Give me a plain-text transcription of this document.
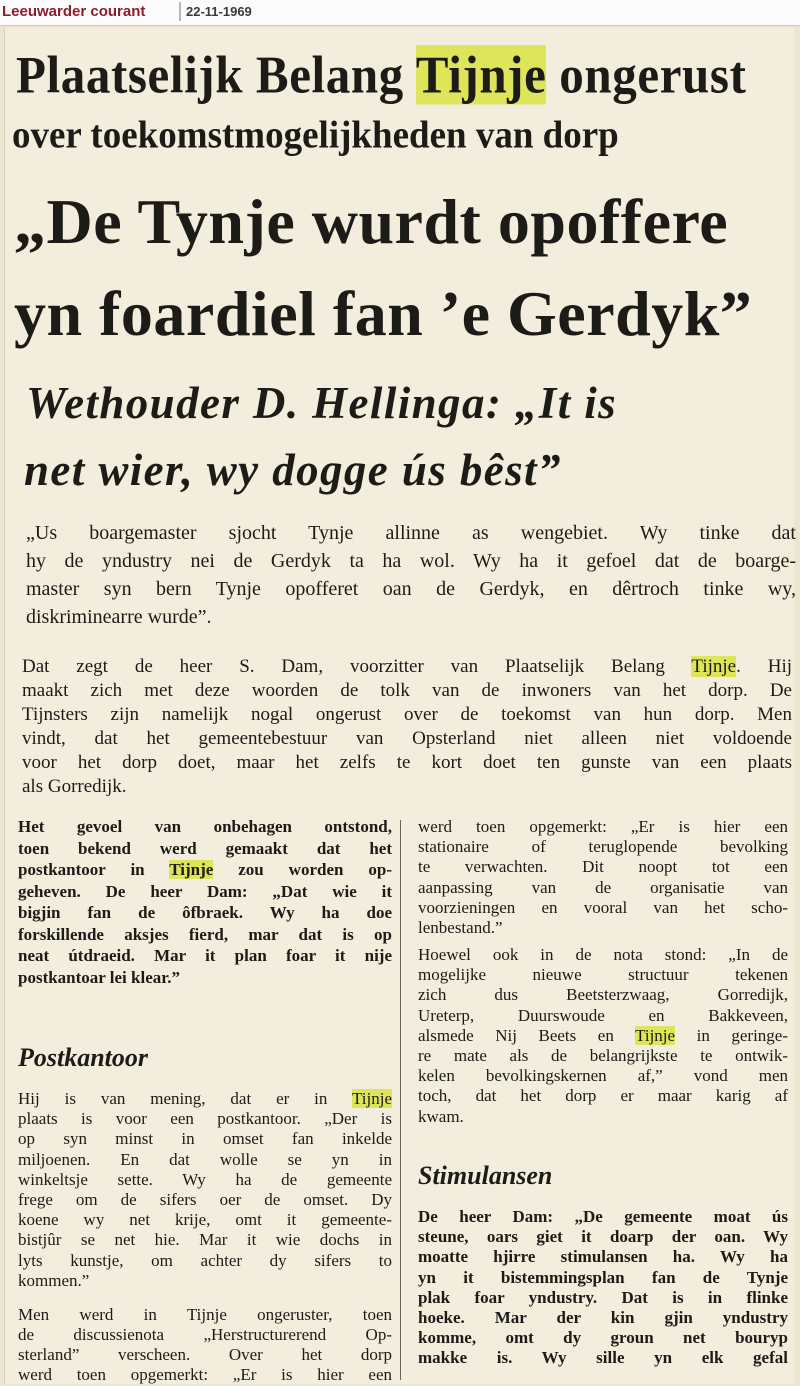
Leeuwarder courant	22-11-1969
Plaatselijk Belang Tijnje ongerust
over toekomstmogelijkheden van dorp
„De Tynje wurdt opoffere
yn foardiel fan ’e Gerdyk”
Wethouder D. Hellinga: „It is
net wier, wy dogge ús bêst”
„Us boargemaster sjocht Tynje allinne as wengebiet. Wy tinke dat
hy de yndustry nei de Gerdyk ta ha wol. Wy ha it gefoel dat de boarge-
master syn bern Tynje opofferet oan de Gerdyk, en dêrtroch tinke wy,
diskriminearre wurde”.
Dat zegt de heer S. Dam, voorzitter van Plaatselijk Belang Tijnje. Hij
maakt zich met deze woorden de tolk van de inwoners van het dorp. De
Tijnsters zijn namelijk nogal ongerust over de toekomst van hun dorp. Men
vindt, dat het gemeentebestuur van Opsterland niet alleen niet voldoende
voor het dorp doet, maar het zelfs te kort doet ten gunste van een plaats
als Gorredijk.
Het gevoel van onbehagen ontstond,
toen bekend werd gemaakt dat het
postkantoor in Tijnje zou worden op-
geheven. De heer Dam: „Dat wie it
bigjin fan de ôfbraek. Wy ha doe
forskillende aksjes fierd, mar dat is op
neat útdraeid. Mar it plan foar it nije
postkantoar lei klear.”
Hij is van mening, dat er in Tijnje
plaats is voor een postkantoor. „Der is
op syn minst in omset fan inkelde
miljoenen. En dat wolle se yn in
winkeltsje sette. Wy ha de gemeente
frege om de sifers oer de omset. Dy
koene wy net krije, omt it gemeente-
bistjûr se net hie. Mar it wie dochs in
lyts kunstje, om achter dy sifers to
kommen.”
Men werd in Tijnje ongeruster, toen
de discussienota „Herstructurerend Op-
sterland” verscheen. Over het dorp
werd toen opgemerkt: „Er is hier een
Postkantoor
werd toen opgemerkt: „Er is hier een
stationaire of teruglopende bevolking
te verwachten. Dit noopt tot een
aanpassing van de organisatie van
voorzieningen en vooral van het scho-
lenbestand.”
Hoewel ook in de nota stond: „In de
mogelijke nieuwe structuur tekenen
zich dus Beetsterzwaag, Gorredijk,
Ureterp, Duurswoude en Bakkeveen,
alsmede Nij Beets en Tijnje in geringe-
re mate als de belangrijkste te ontwik-
kelen bevolkingskernen af,” vond men
toch, dat het dorp er maar karig af
kwam.
De heer Dam: „De gemeente moat ús
steune, oars giet it doarp der oan. Wy
moatte hjirre stimulansen ha. Wy ha
yn it bistemmingsplan fan de Tynje
plak foar yndustry. Dat is in flinke
hoeke. Mar der kin gjin yndustry
komme, omt dy groun net bouryp
makke is. Wy sille yn elk gefal
Stimulansen
